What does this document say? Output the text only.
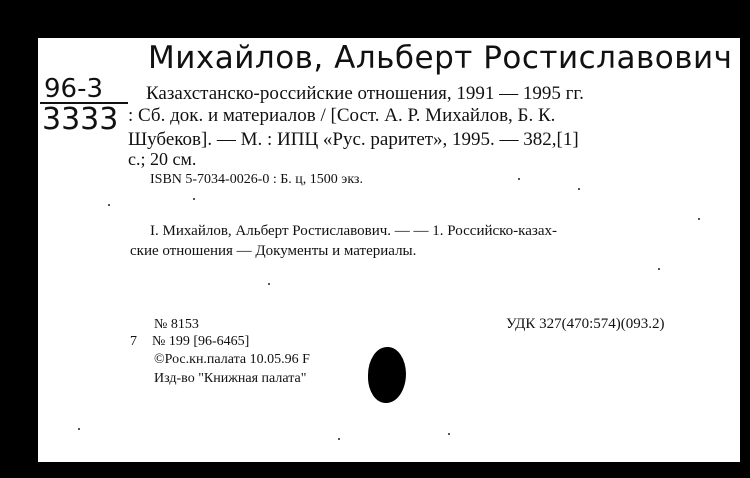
Михайлов, Альберт Ростиславович
96-3
3333
Казахстанско-российские отношения, 1991 — 1995 гг.
: Сб. док. и материалов / [Сост. А. Р. Михайлов, Б. К.
Шубеков]. — М. : ИПЦ «Рус. раритет», 1995. — 382,[1]
с.; 20 см.
ISBN 5-7034-0026-0 : Б. ц, 1500 экз.
I. Михайлов, Альберт Ростиславович. — — 1. Российско-казах-
ские отношения — Документы и материалы.
№ 8153	УДК 327(470:574)(093.2)
7 № 199 [96-6465]
©Рос.кн.палата 10.05.96 F
Изд-во "Книжная палата"
